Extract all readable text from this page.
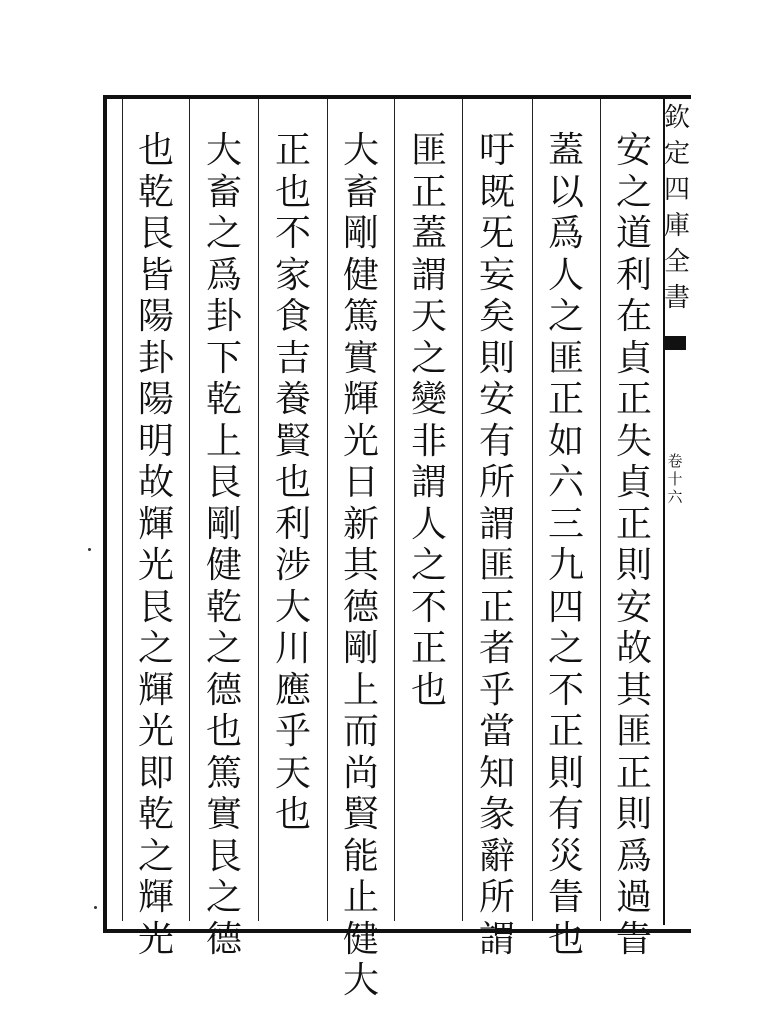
欽
定
四
庫
全
書
卷
十
六
安
之
道
利
在
貞
正
失
貞
正
則
安
故
其
匪
正
則
爲
過
眚
蓋
以
爲
人
之
匪
正
如
六
三
九
四
之
不
正
則
有
災
眚
也
吁
既
旡
妄
矣
則
安
有
所
謂
匪
正
者
乎
當
知
彖
辭
所
謂
匪
正
蓋
謂
天
之
變
非
謂
人
之
不
正
也
大
畜
剛
健
篤
實
輝
光
日
新
其
德
剛
上
而
尚
賢
能
止
健
大
正
也
不
家
食
吉
養
賢
也
利
涉
大
川
應
乎
天
也
大
畜
之
爲
卦
下
乾
上
艮
剛
健
乾
之
德
也
篤
實
艮
之
德
也
乾
艮
皆
陽
卦
陽
明
故
輝
光
艮
之
輝
光
即
乾
之
輝
光
